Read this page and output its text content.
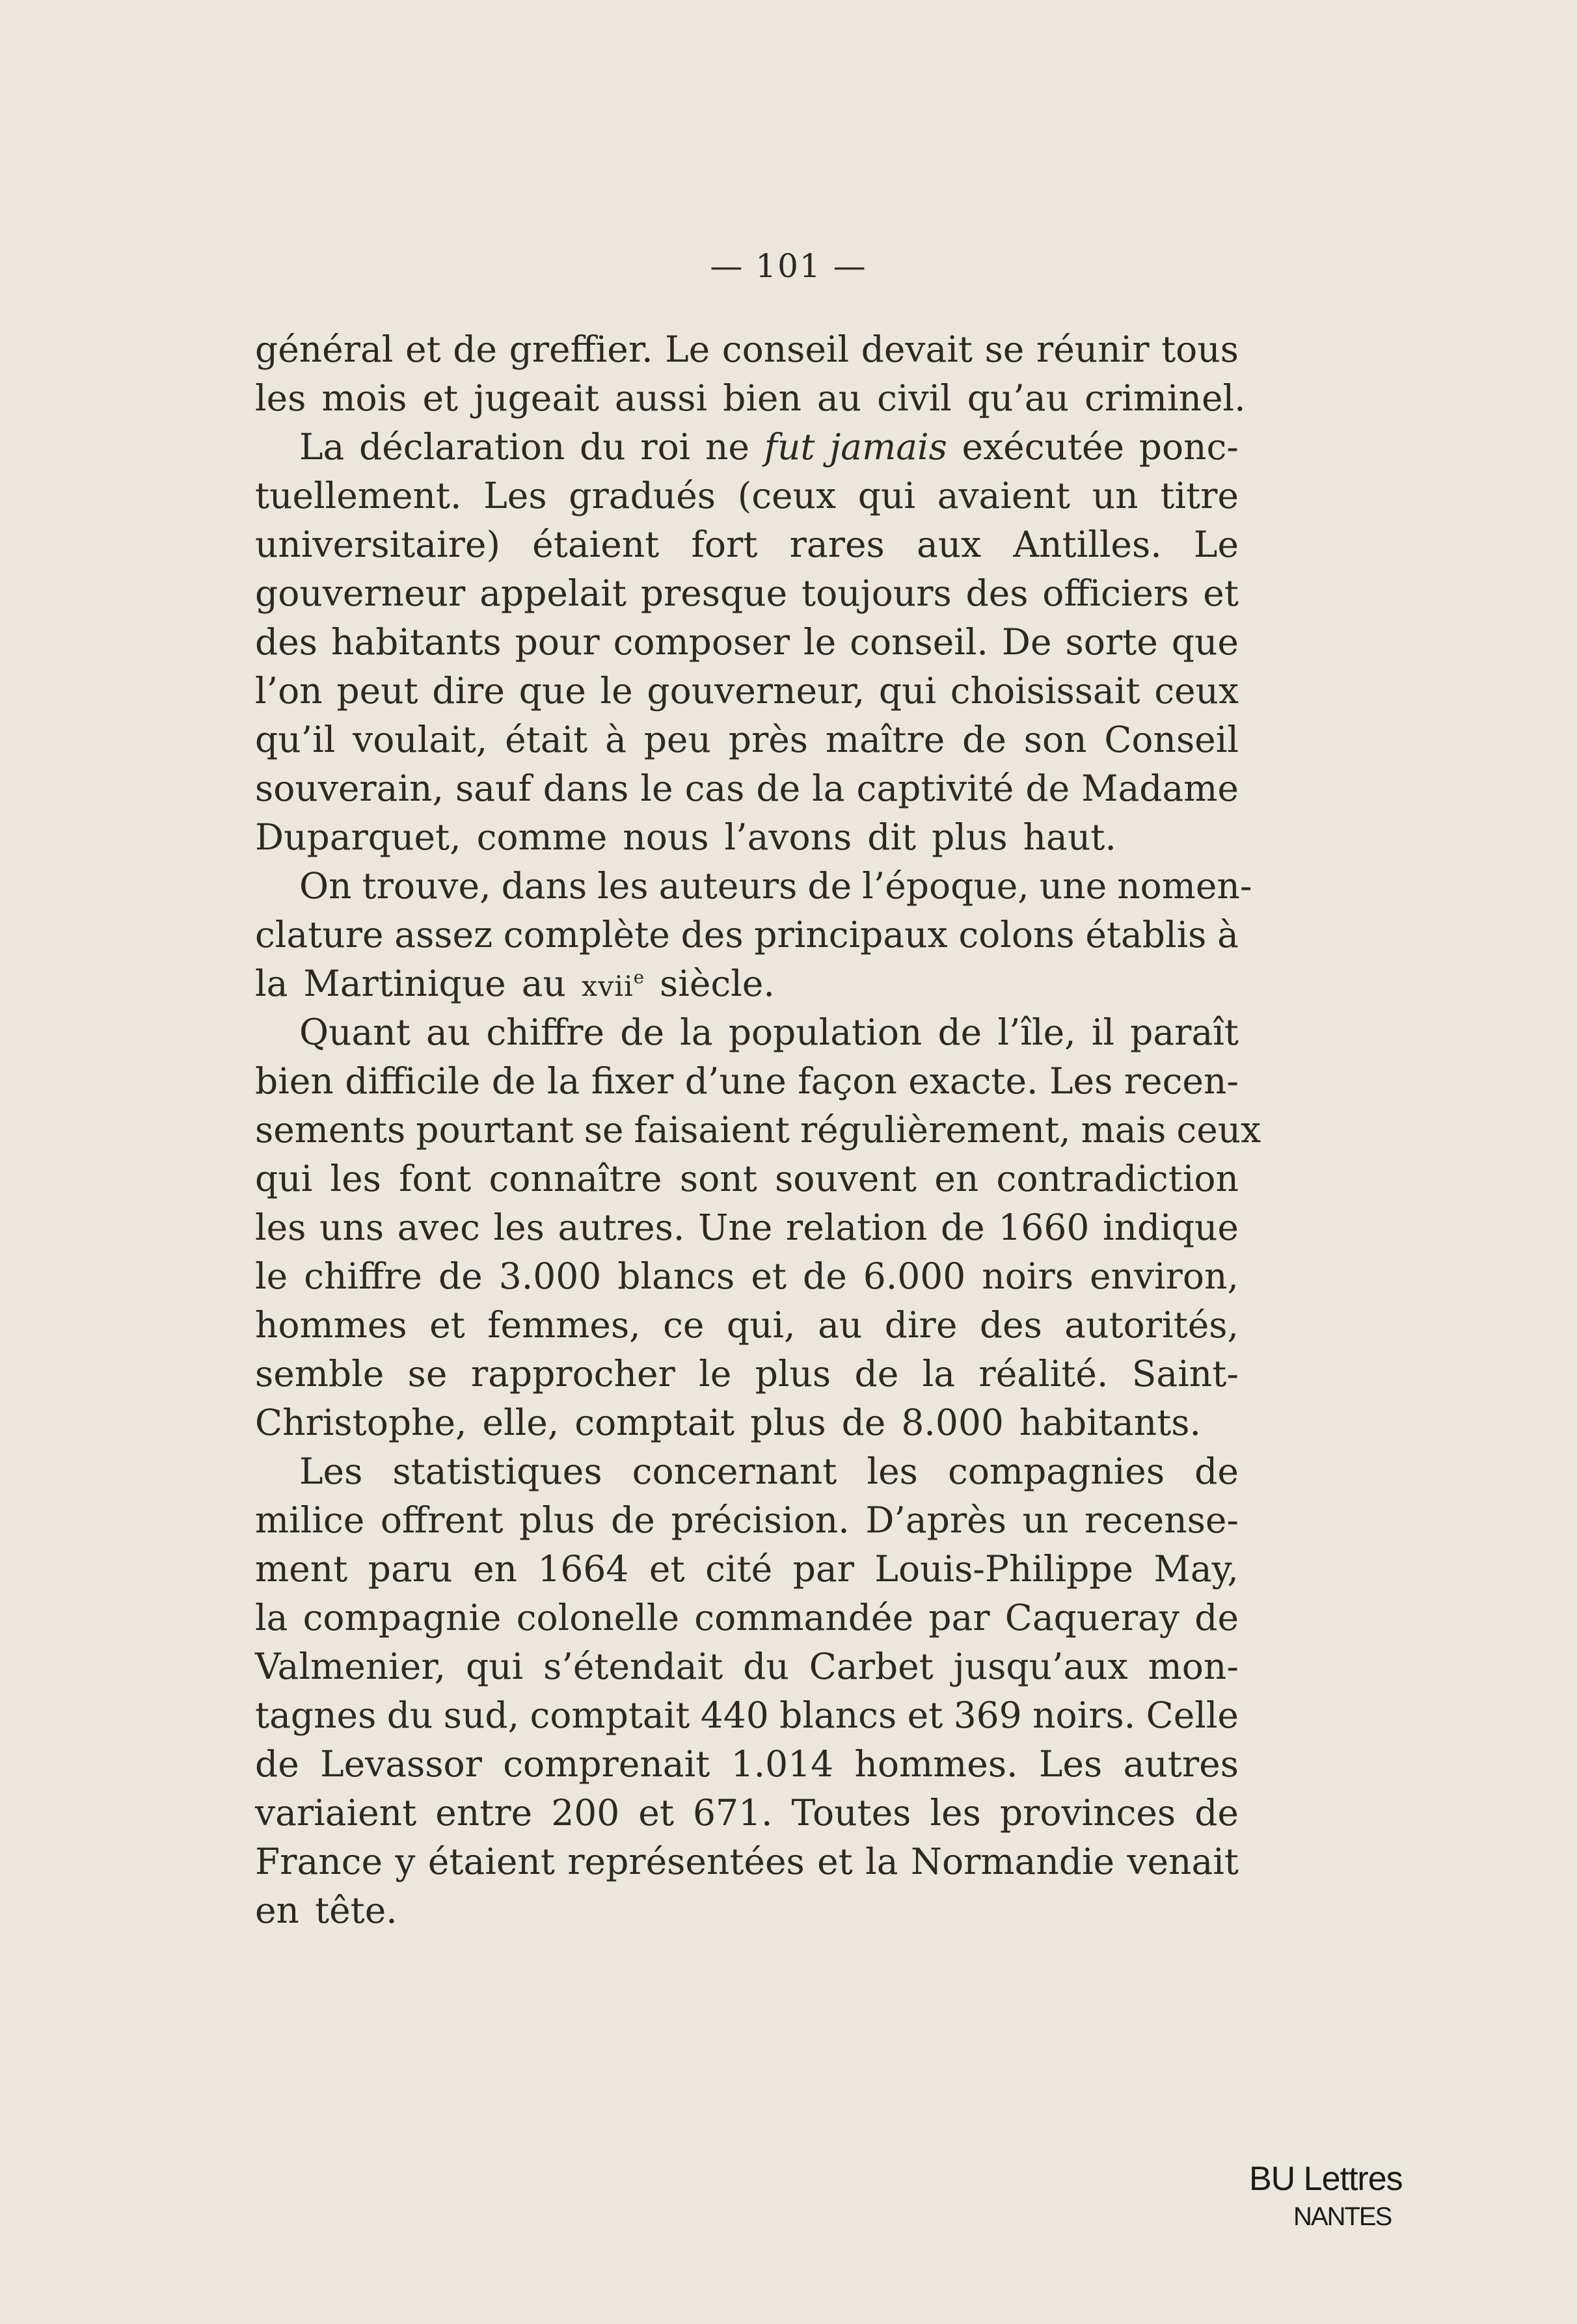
— 101 —
général et de greffier. Le conseil devait se réunir tous
les mois et jugeait aussi bien au civil qu’au criminel.
La déclaration du roi ne fut jamais exécutée ponc-
tuellement. Les gradués (ceux qui avaient un titre
universitaire) étaient fort rares aux Antilles. Le
gouverneur appelait presque toujours des officiers et
des habitants pour composer le conseil. De sorte que
l’on peut dire que le gouverneur, qui choisissait ceux
qu’il voulait, était à peu près maître de son Conseil
souverain, sauf dans le cas de la captivité de Madame
Duparquet, comme nous l’avons dit plus haut.
On trouve, dans les auteurs de l’époque, une nomen-
clature assez complète des principaux colons établis à
la Martinique au xvii$^e$ siècle.
Quant au chiffre de la population de l’île, il paraît
bien difficile de la fixer d’une façon exacte. Les recen-
sements pourtant se faisaient régulièrement, mais ceux
qui les font connaître sont souvent en contradiction
les uns avec les autres. Une relation de 1660 indique
le chiffre de 3.000 blancs et de 6.000 noirs environ,
hommes et femmes, ce qui, au dire des autorités,
semble se rapprocher le plus de la réalité. Saint-
Christophe, elle, comptait plus de 8.000 habitants.
Les statistiques concernant les compagnies de
milice offrent plus de précision. D’après un recense-
ment paru en 1664 et cité par Louis-Philippe May,
la compagnie colonelle commandée par Caqueray de
Valmenier, qui s’étendait du Carbet jusqu’aux mon-
tagnes du sud, comptait 440 blancs et 369 noirs. Celle
de Levassor comprenait 1.014 hommes. Les autres
variaient entre 200 et 671. Toutes les provinces de
France y étaient représentées et la Normandie venait
en tête.
BU Lettres
NANTES
